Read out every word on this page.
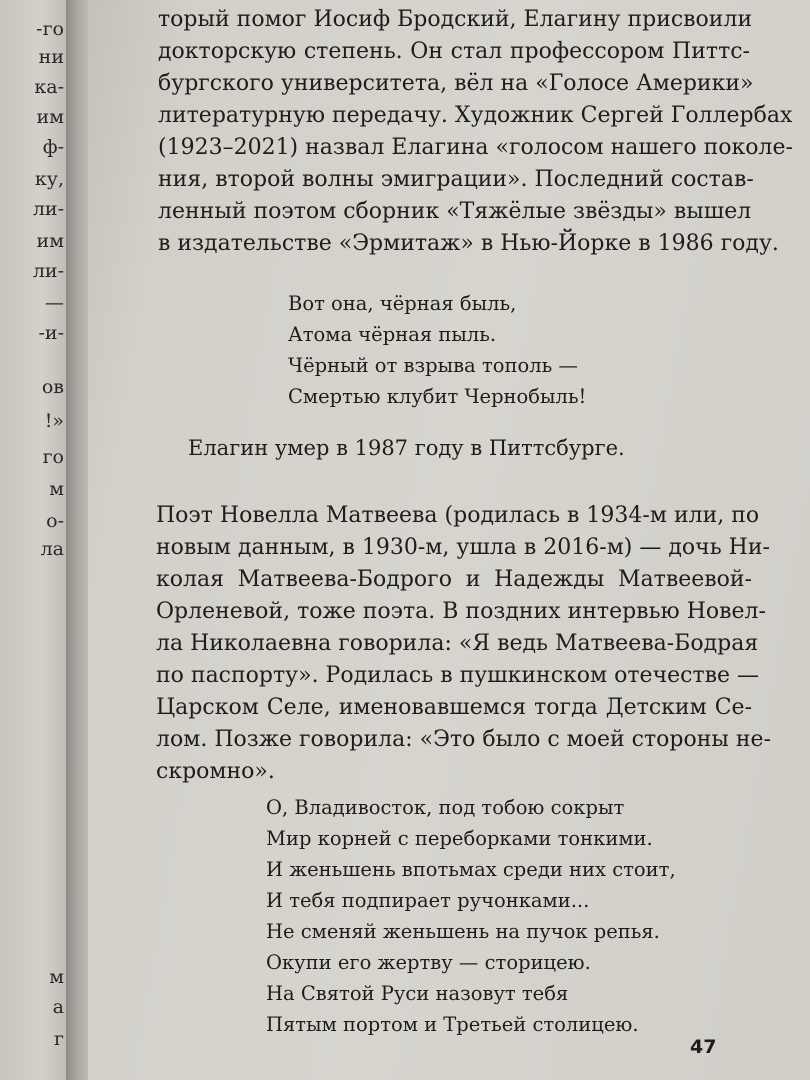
-го
ни
ка-
им
ф-
ку,
ли-
им
ли-
—
-и-
ов
!»
го
м
о-
ла
м
а
г
торый помог Иосиф Бродский, Елагину присвоили
докторскую степень. Он стал профессором Питтс-
бургского университета, вёл на «Голосе Америки»
литературную передачу. Художник Сергей Голлербах
(1923–2021) назвал Елагина «голосом нашего поколе-
ния, второй волны эмиграции». Последний состав-
ленный поэтом сборник «Тяжёлые звёзды» вышел
в издательстве «Эрмитаж» в Нью-Йорке в 1986 году.
Вот она, чёрная быль,
Атома чёрная пыль.
Чёрный от взрыва тополь —
Смертью клубит Чернобыль!

Елагин умер в 1987 году в Питтсбурге.

Поэт Новелла Матвеева (родилась в 1934-м или, по
новым данным, в 1930-м, ушла в 2016-м) — дочь Ни-
колая Матвеева-Бодрого и Надежды Матвеевой-
Орленевой, тоже поэта. В поздних интервью Новел-
ла Николаевна говорила: «Я ведь Матвеева-Бодрая
по паспорту». Родилась в пушкинском отечестве —
Царском Селе, именовавшемся тогда Детским Се-
лом. Позже говорила: «Это было с моей стороны не-
скромно».
О, Владивосток, под тобою сокрыт
Мир корней с переборками тонкими.
И женьшень впотьмах среди них стоит,
И тебя подпирает ручонками...
Не сменяй женьшень на пучок репья.
Окупи его жертву — сторицею.
На Святой Руси назовут тебя
Пятым портом и Третьей столицею.
47
